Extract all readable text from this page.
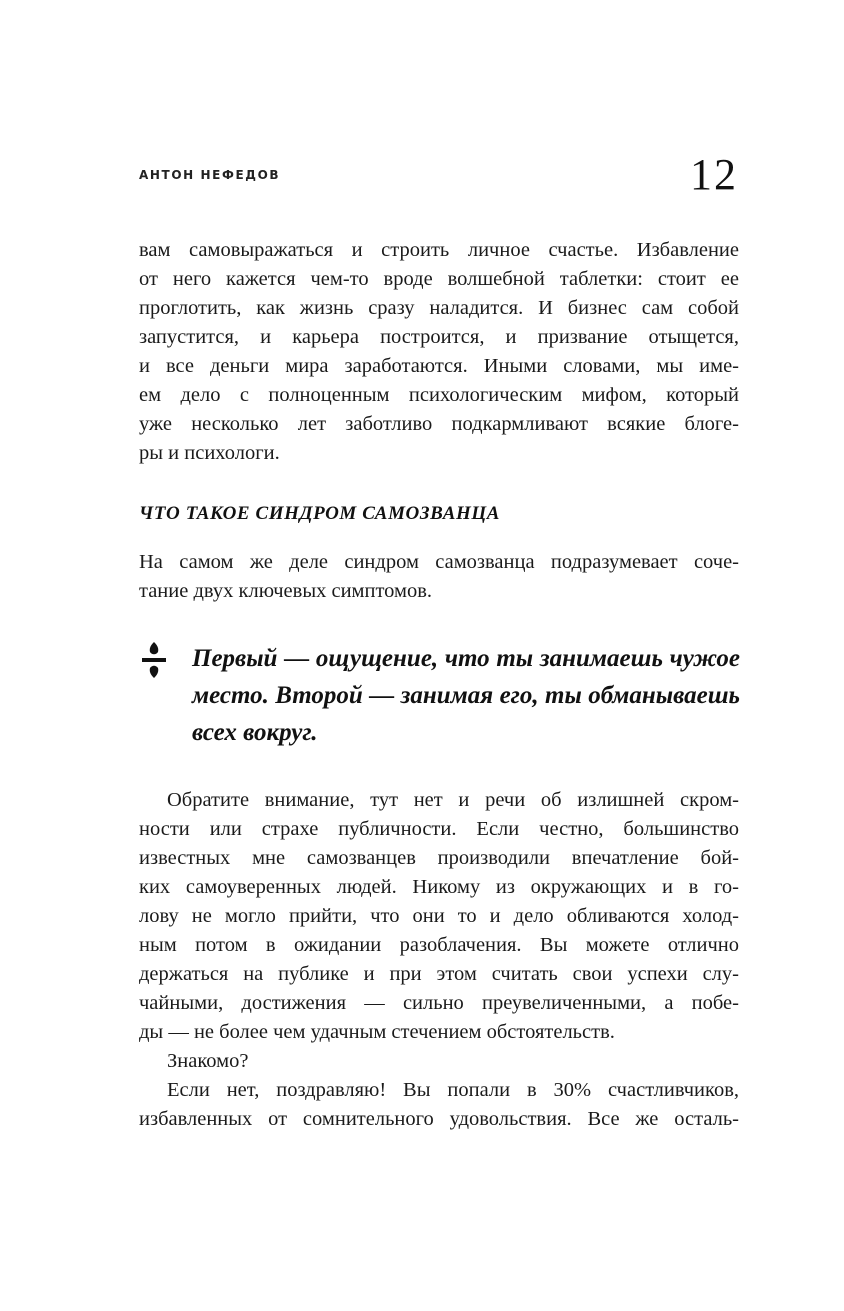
АНТОН НЕФЕДОВ	12

вам самовыражаться и строить личное счастье. Избавление
от него кажется чем-то вроде волшебной таблетки: стоит ее
проглотить, как жизнь сразу наладится. И бизнес сам собой
запустится, и карьера построится, и призвание отыщется,
и все деньги мира заработаются. Иными словами, мы име-
ем дело с полноценным психологическим мифом, который
уже несколько лет заботливо подкармливают всякие блоге-
ры и психологи.

ЧТО ТАКОЕ СИНДРОМ САМОЗВАНЦА

На самом же деле синдром самозванца подразумевает соче-
тание двух ключевых симптомов.

Первый — ощущение, что ты занимаешь чужое
место. Второй — занимая его, ты обманываешь
всех вокруг.

Обратите внимание, тут нет и речи об излишней скром-
ности или страхе публичности. Если честно, большинство
известных мне самозванцев производили впечатление бой-
ких самоуверенных людей. Никому из окружающих и в го-
лову не могло прийти, что они то и дело обливаются холод-
ным потом в ожидании разоблачения. Вы можете отлично
держаться на публике и при этом считать свои успехи слу-
чайными, достижения — сильно преувеличенными, а побе-
ды — не более чем удачным стечением обстоятельств.

Знакомо?

Если нет, поздравляю! Вы попали в 30% счастливчиков,
избавленных от сомнительного удовольствия. Все же осталь-
